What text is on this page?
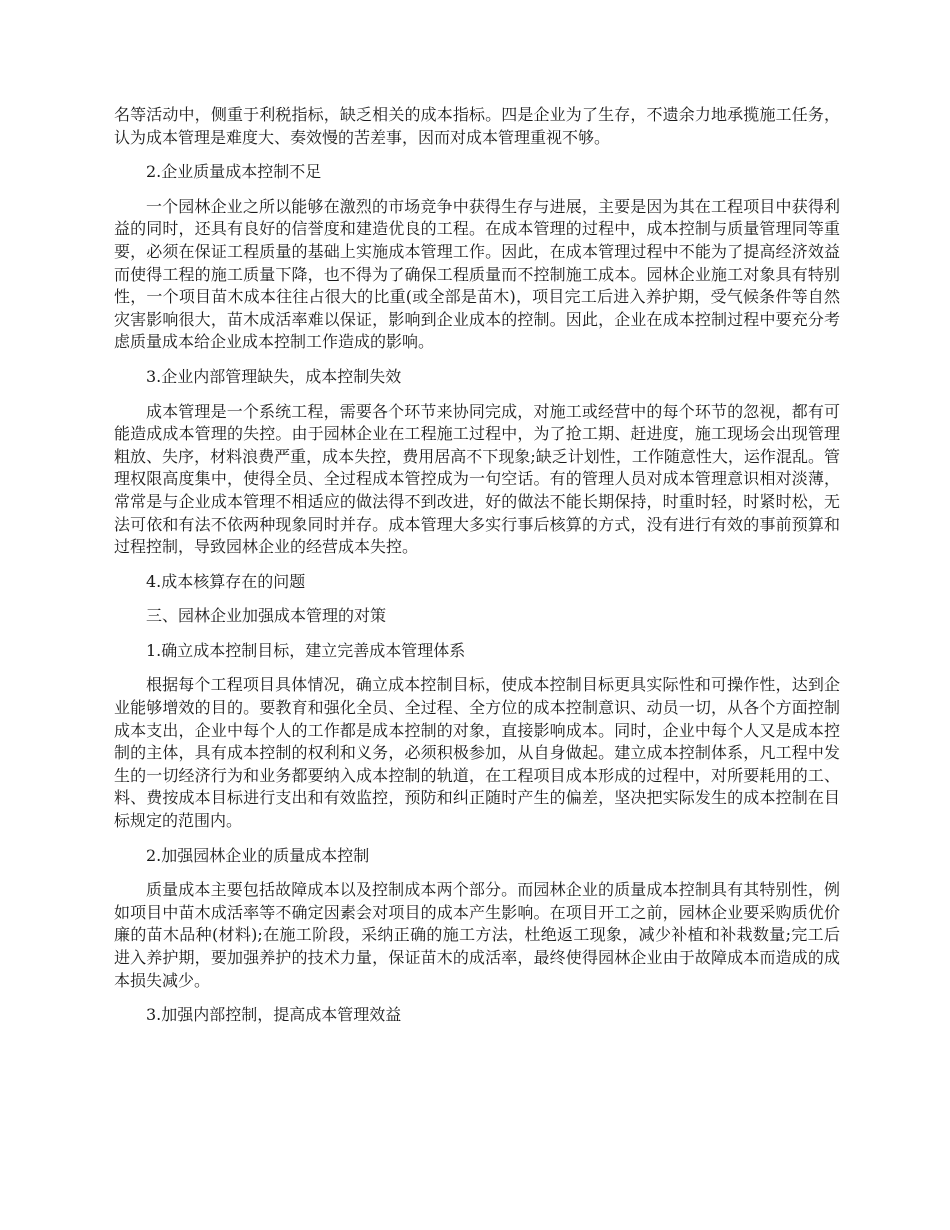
名等活动中，侧重于利税指标，缺乏相关的成本指标。四是企业为了生存，不遗余力地承揽施工任务，认为成本管理是难度大、奏效慢的苦差事，因而对成本管理重视不够。

2.企业质量成本控制不足

一个园林企业之所以能够在激烈的市场竞争中获得生存与进展，主要是因为其在工程项目中获得利益的同时，还具有良好的信誉度和建造优良的工程。在成本管理的过程中，成本控制与质量管理同等重要，必须在保证工程质量的基础上实施成本管理工作。因此，在成本管理过程中不能为了提高经济效益而使得工程的施工质量下降，也不得为了确保工程质量而不控制施工成本。园林企业施工对象具有特别性，一个项目苗木成本往往占很大的比重(或全部是苗木)，项目完工后进入养护期，受气候条件等自然灾害影响很大，苗木成活率难以保证，影响到企业成本的控制。因此，企业在成本控制过程中要充分考虑质量成本给企业成本控制工作造成的影响。

3.企业内部管理缺失，成本控制失效

成本管理是一个系统工程，需要各个环节来协同完成，对施工或经营中的每个环节的忽视，都有可能造成成本管理的失控。由于园林企业在工程施工过程中，为了抢工期、赶进度，施工现场会出现管理粗放、失序，材料浪费严重，成本失控，费用居高不下现象;缺乏计划性，工作随意性大，运作混乱。管理权限高度集中，使得全员、全过程成本管控成为一句空话。有的管理人员对成本管理意识相对淡薄，常常是与企业成本管理不相适应的做法得不到改进，好的做法不能长期保持，时重时轻，时紧时松，无法可依和有法不依两种现象同时并存。成本管理大多实行事后核算的方式，没有进行有效的事前预算和过程控制，导致园林企业的经营成本失控。

4.成本核算存在的问题

三、园林企业加强成本管理的对策

1.确立成本控制目标，建立完善成本管理体系

根据每个工程项目具体情况，确立成本控制目标，使成本控制目标更具实际性和可操作性，达到企业能够增效的目的。要教育和强化全员、全过程、全方位的成本控制意识、动员一切，从各个方面控制成本支出，企业中每个人的工作都是成本控制的对象，直接影响成本。同时，企业中每个人又是成本控制的主体，具有成本控制的权利和义务，必须积极参加，从自身做起。建立成本控制体系，凡工程中发生的一切经济行为和业务都要纳入成本控制的轨道，在工程项目成本形成的过程中，对所要耗用的工、料、费按成本目标进行支出和有效监控，预防和纠正随时产生的偏差，坚决把实际发生的成本控制在目标规定的范围内。

2.加强园林企业的质量成本控制

质量成本主要包括故障成本以及控制成本两个部分。而园林企业的质量成本控制具有其特别性，例如项目中苗木成活率等不确定因素会对项目的成本产生影响。在项目开工之前，园林企业要采购质优价廉的苗木品种(材料);在施工阶段，采纳正确的施工方法，杜绝返工现象，减少补植和补栽数量;完工后进入养护期，要加强养护的技术力量，保证苗木的成活率，最终使得园林企业由于故障成本而造成的成本损失减少。

3.加强内部控制，提高成本管理效益
